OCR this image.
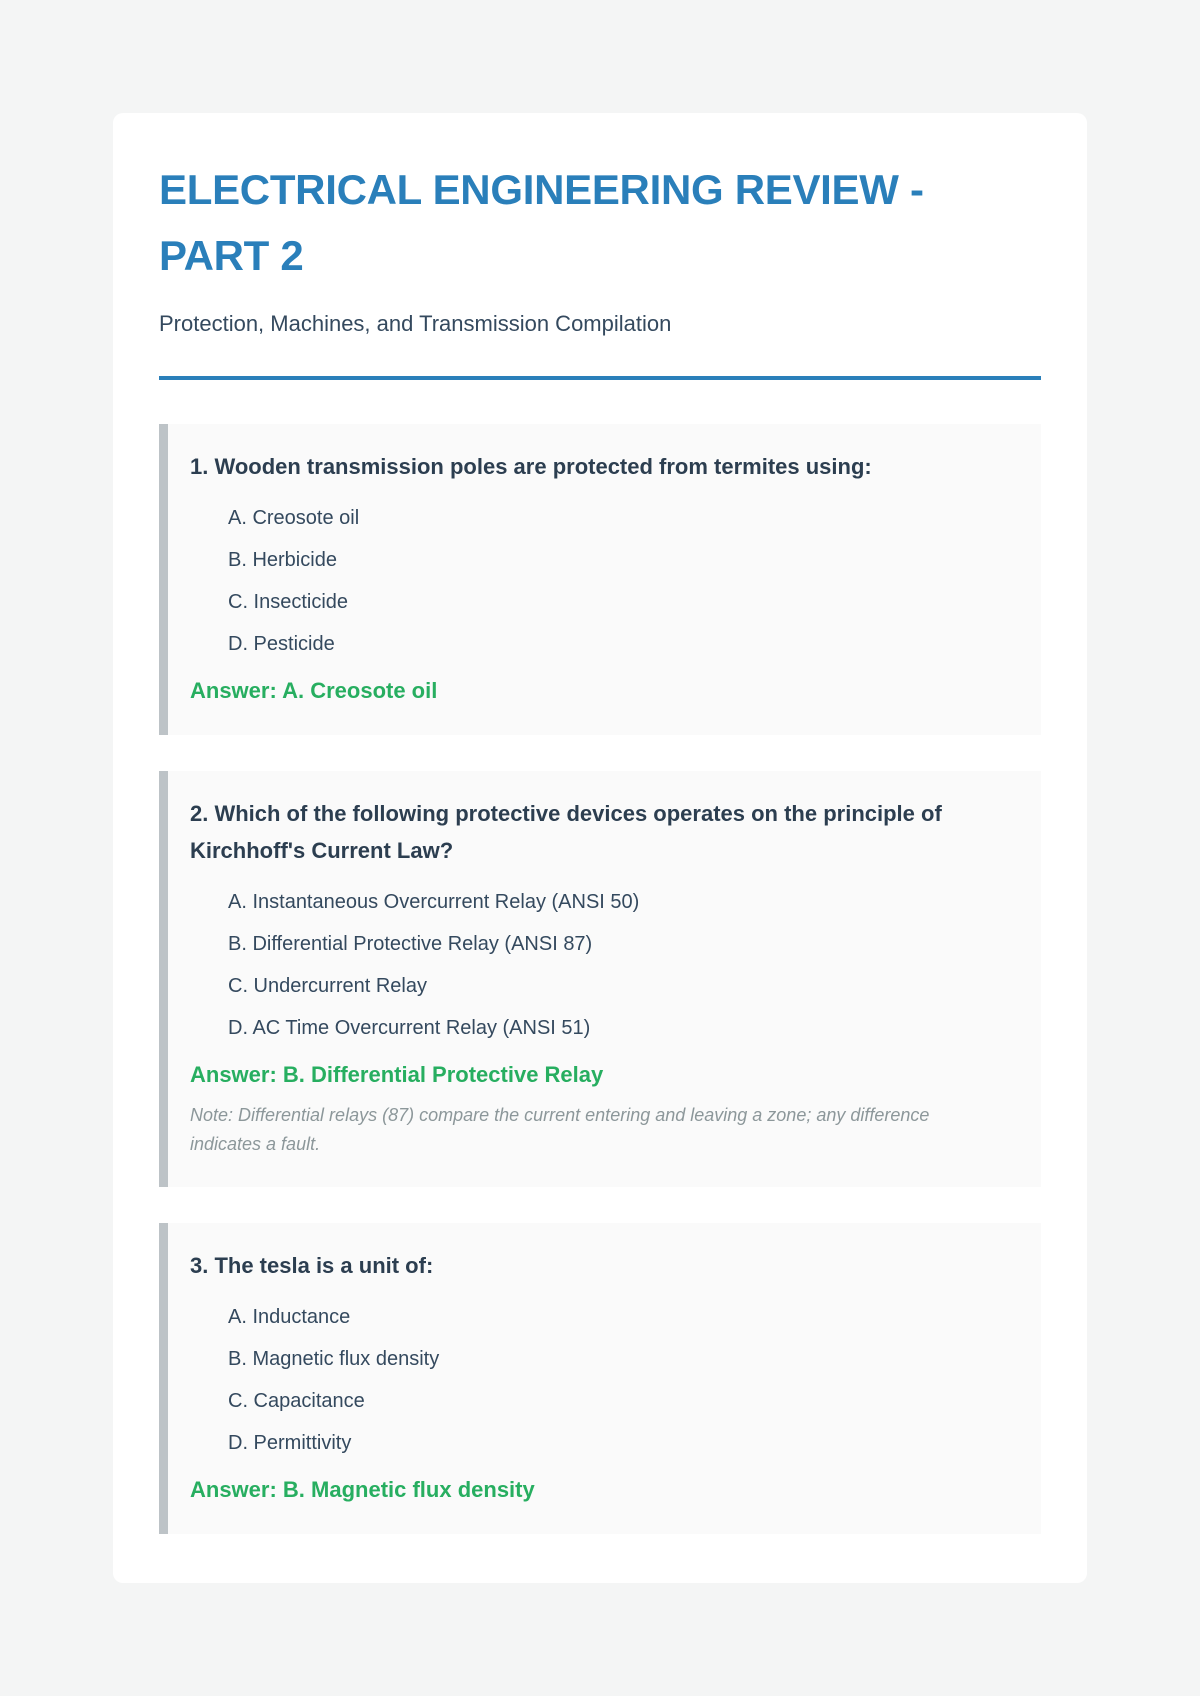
ELECTRICAL ENGINEERING REVIEW - PART 2

Protection, Machines, and Transmission Compilation

1. Wooden transmission poles are protected from termites using:

A. Creosote oil
B. Herbicide
C. Insecticide
D. Pesticide

Answer: A. Creosote oil

2. Which of the following protective devices operates on the principle of Kirchhoff's Current Law?

A. Instantaneous Overcurrent Relay (ANSI 50)
B. Differential Protective Relay (ANSI 87)
C. Undercurrent Relay
D. AC Time Overcurrent Relay (ANSI 51)

Answer: B. Differential Protective Relay

Note: Differential relays (87) compare the current entering and leaving a zone; any difference indicates a fault.

3. The tesla is a unit of:

A. Inductance
B. Magnetic flux density
C. Capacitance
D. Permittivity

Answer: B. Magnetic flux density
